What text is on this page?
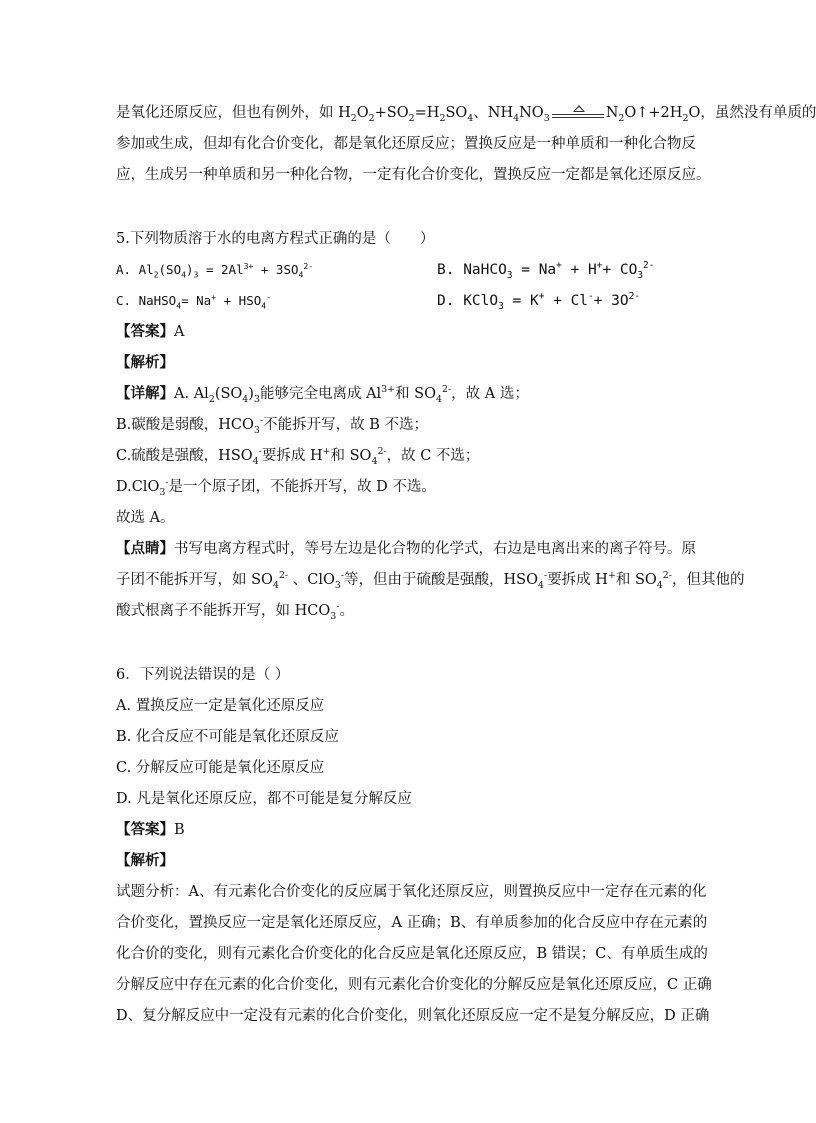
是氧化还原反应，但也有例外，如 $H_2O_2+SO_2=H_2SO_4$、$NH_4NO_3$	$N_2O↑+2H_2O$，虽然没有单质的
参加或生成，但却有化合价变化，都是氧化还原反应；置换反应是一种单质和一种化合物反
应，生成另一种单质和另一种化合物，一定有化合价变化，置换反应一定都是氧化还原反应。
5.下列物质溶于水的电离方程式正确的是（　　）
A. $Al_2(SO_4)_3 = 2Al^{3+} + 3SO_4^{2-}$	B. NaHCO$_3$ = $Na^+ + H^++ CO_3^{2-}$
C. NaHSO$_4$= $Na^+ + HSO_4^-$	D. KClO$_3$ = $K^+ + Cl^-+ 3O^{2-}$
【答案】A
【解析】
【详解】A. $Al_2(SO_4)_3$能够完全电离成 $Al^{3+}$和 $SO_4^{2-}$，故 A 选；
B.碳酸是弱酸，$HCO_3^-$不能拆开写，故 B 不选；
C.硫酸是强酸，$HSO_4^-$要拆成 H+和 $SO_4^{2-}$，故 C 不选；
D.ClO$_3$-是一个原子团，不能拆开写，故 D 不选。
故选 A。
【点睛】书写电离方程式时，等号左边是化合物的化学式，右边是电离出来的离子符号。原
子团不能拆开写，如 $SO_4^{2-}$ 、ClO$_3$-等，但由于硫酸是强酸，$HSO_4^-$要拆成 H+和 $SO_4^{2-}$，但其他的
酸式根离子不能拆开写，如 $HCO_3^-$。
6．下列说法错误的是（ ）
A. 置换反应一定是氧化还原反应
B. 化合反应不可能是氧化还原反应
C. 分解反应可能是氧化还原反应
D. 凡是氧化还原反应，都不可能是复分解反应
【答案】B
【解析】
试题分析：A、有元素化合价变化的反应属于氧化还原反应，则置换反应中一定存在元素的化
合价变化，置换反应一定是氧化还原反应，A 正确；B、有单质参加的化合反应中存在元素的
化合价的变化，则有元素化合价变化的化合反应是氧化还原反应，B 错误；C、有单质生成的
分解反应中存在元素的化合价变化，则有元素化合价变化的分解反应是氧化还原反应，C 正确
D、复分解反应中一定没有元素的化合价变化，则氧化还原反应一定不是复分解反应，D 正确
